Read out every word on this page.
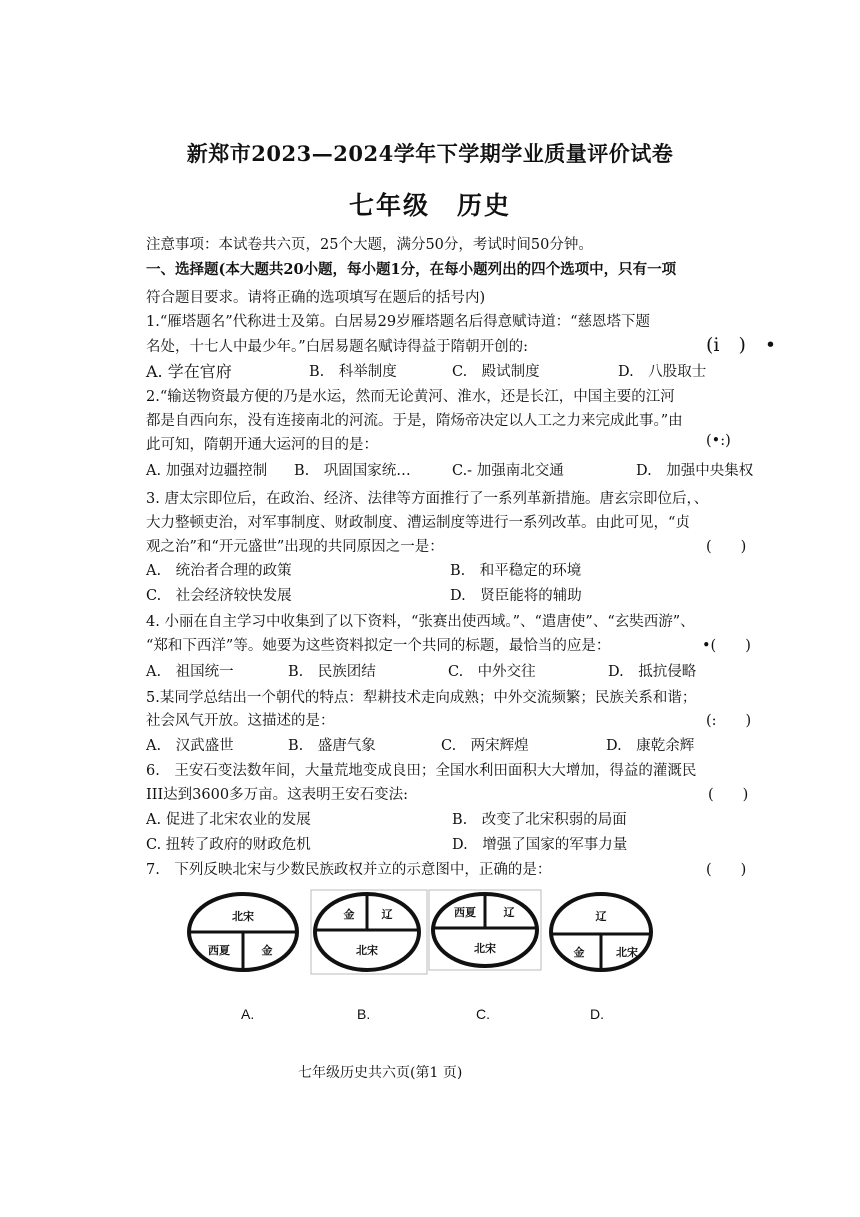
新郑市2023—2024学年下学期学业质量评价试卷
七年级　历史
注意事项：本试卷共六页，25个大题，满分50分，考试时间50分钟。
一、选择题(本大题共20小题，每小题1分，在每小题列出的四个选项中，只有一项
符合题目要求。请将正确的选项填写在题后的括号内)
1.“雁塔题名”代称进士及第。白居易29岁雁塔题名后得意赋诗道：“慈恩塔下题
名处，十七人中最少年。”白居易题名赋诗得益于隋朝开创的:	(i　)　•
A. 学在官府	B.　科举制度	C.　殿试制度	D.　八股取士
2.“输送物资最方便的乃是水运，然而无论黄河、淮水，还是长江，中国主要的江河
都是自西向东，没有连接南北的河流。于是，隋炀帝决定以人工之力来完成此事。”由
此可知，隋朝开通大运河的目的是：	(•:)
A. 加强对边疆控制 B.　巩固国家统…	C.- 加强南北交通	D.　加强中央集权
3. 唐太宗即位后，在政治、经济、法律等方面推行了一系列革新措施。唐玄宗即位后，、
大力整顿吏治，对军事制度、财政制度、漕运制度等进行一系列改革。由此可见，“贞
观之治”和“开元盛世”出现的共同原因之一是：	(　　)
A.　统治者合理的政策	B.　和平稳定的环境
C.　社会经济较快发展	D.　贤臣能将的辅助
4. 小丽在自主学习中收集到了以下资料，“张赛出使西域。”、“遣唐使”、“玄奘西游”、
“郑和下西洋”等。她要为这些资料拟定一个共同的标题，最恰当的应是：	•(　　)
A.　祖国统一	B.　民族团结	C.　中外交往	D.　抵抗侵略
5.某同学总结出一个朝代的特点：犁耕技术走向成熟；中外交流频繁；民族关系和谐；
社会风气开放。这描述的是：	(:　　)
A.　汉武盛世	B.　盛唐气象	C.　两宋辉煌	D.　康乾余辉
6.　王安石变法数年间，大量荒地变成良田；全国水利田面积大大增加，得益的灌溉民
III达到3600多万亩。这表明王安石变法:	(　　)
A. 促进了北宋农业的发展	B.　改变了北宋积弱的局面
C. 扭转了政府的财政危机	D.　增强了国家的军事力量
7.　下列反映北宋与少数民族政权并立的示意图中，正确的是：	(　　)
北宋
西夏	金
金 辽
北宋
西夏	辽
北宋
辽
金	北宋
A.	B.	C.	D.
七年级历史共六页(第1 页)
